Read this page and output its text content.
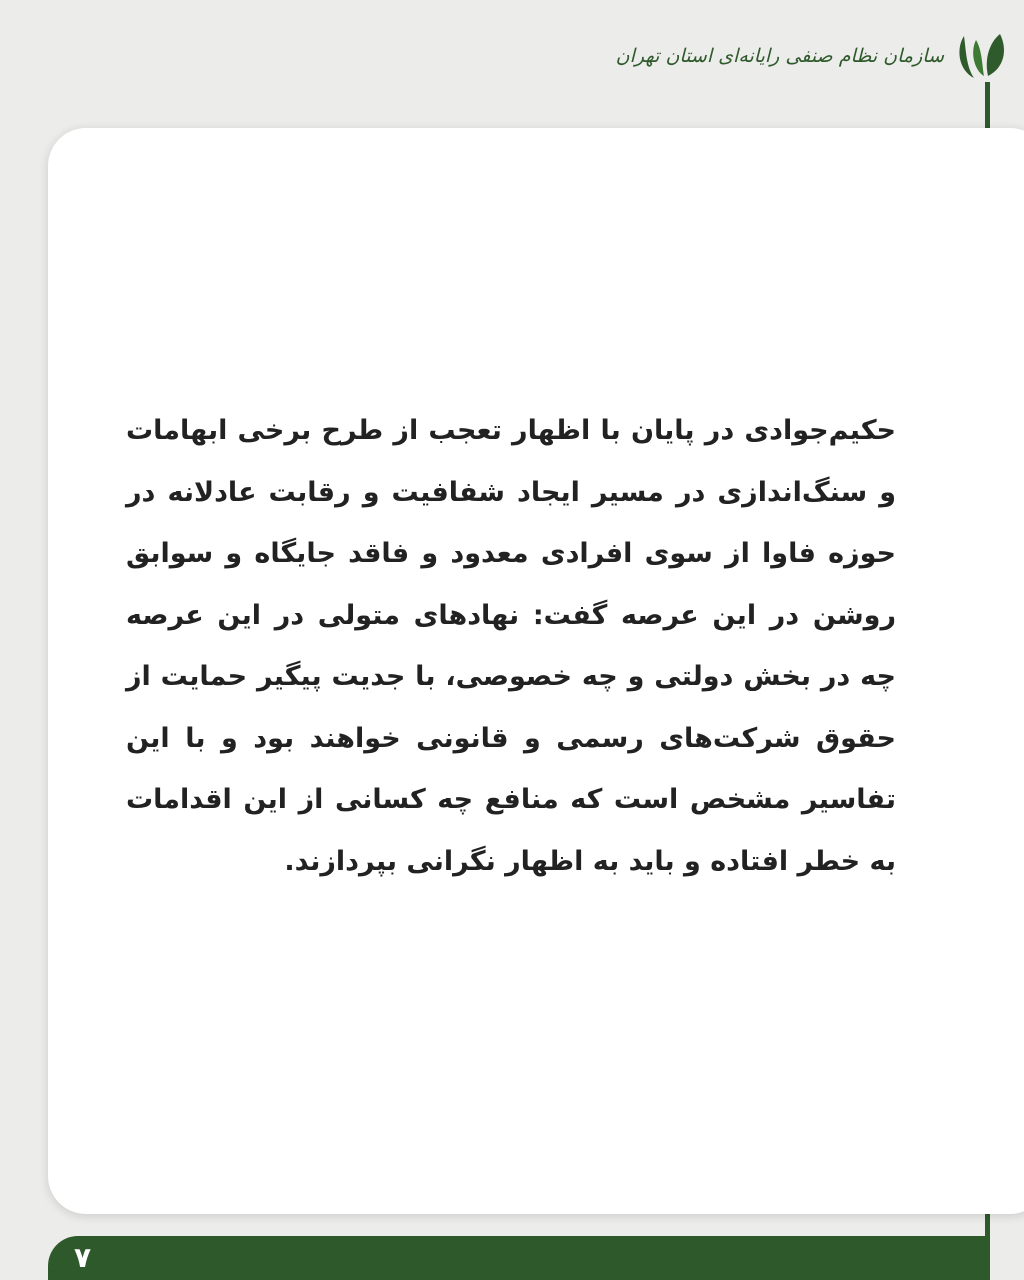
سازمان نظام صنفی رایانه‌ای استان تهران

حکیم‌جوادی در پایان با اظهار تعجب از طرح برخی ابهامات و سنگ‌اندازی در مسیر ایجاد شفافیت و رقابت عادلانه در حوزه فاوا از سوی افرادی معدود و فاقد جایگاه و سوابق روشن در این عرصه گفت: نهادهای متولی در این عرصه چه در بخش دولتی و چه خصوصی، با جدیت پیگیر حمایت از حقوق شرکت‌های رسمی و قانونی خواهند بود و با این تفاسیر مشخص است که منافع چه کسانی از این اقدامات به خطر افتاده و باید به اظهار نگرانی بپردازند.

۷
